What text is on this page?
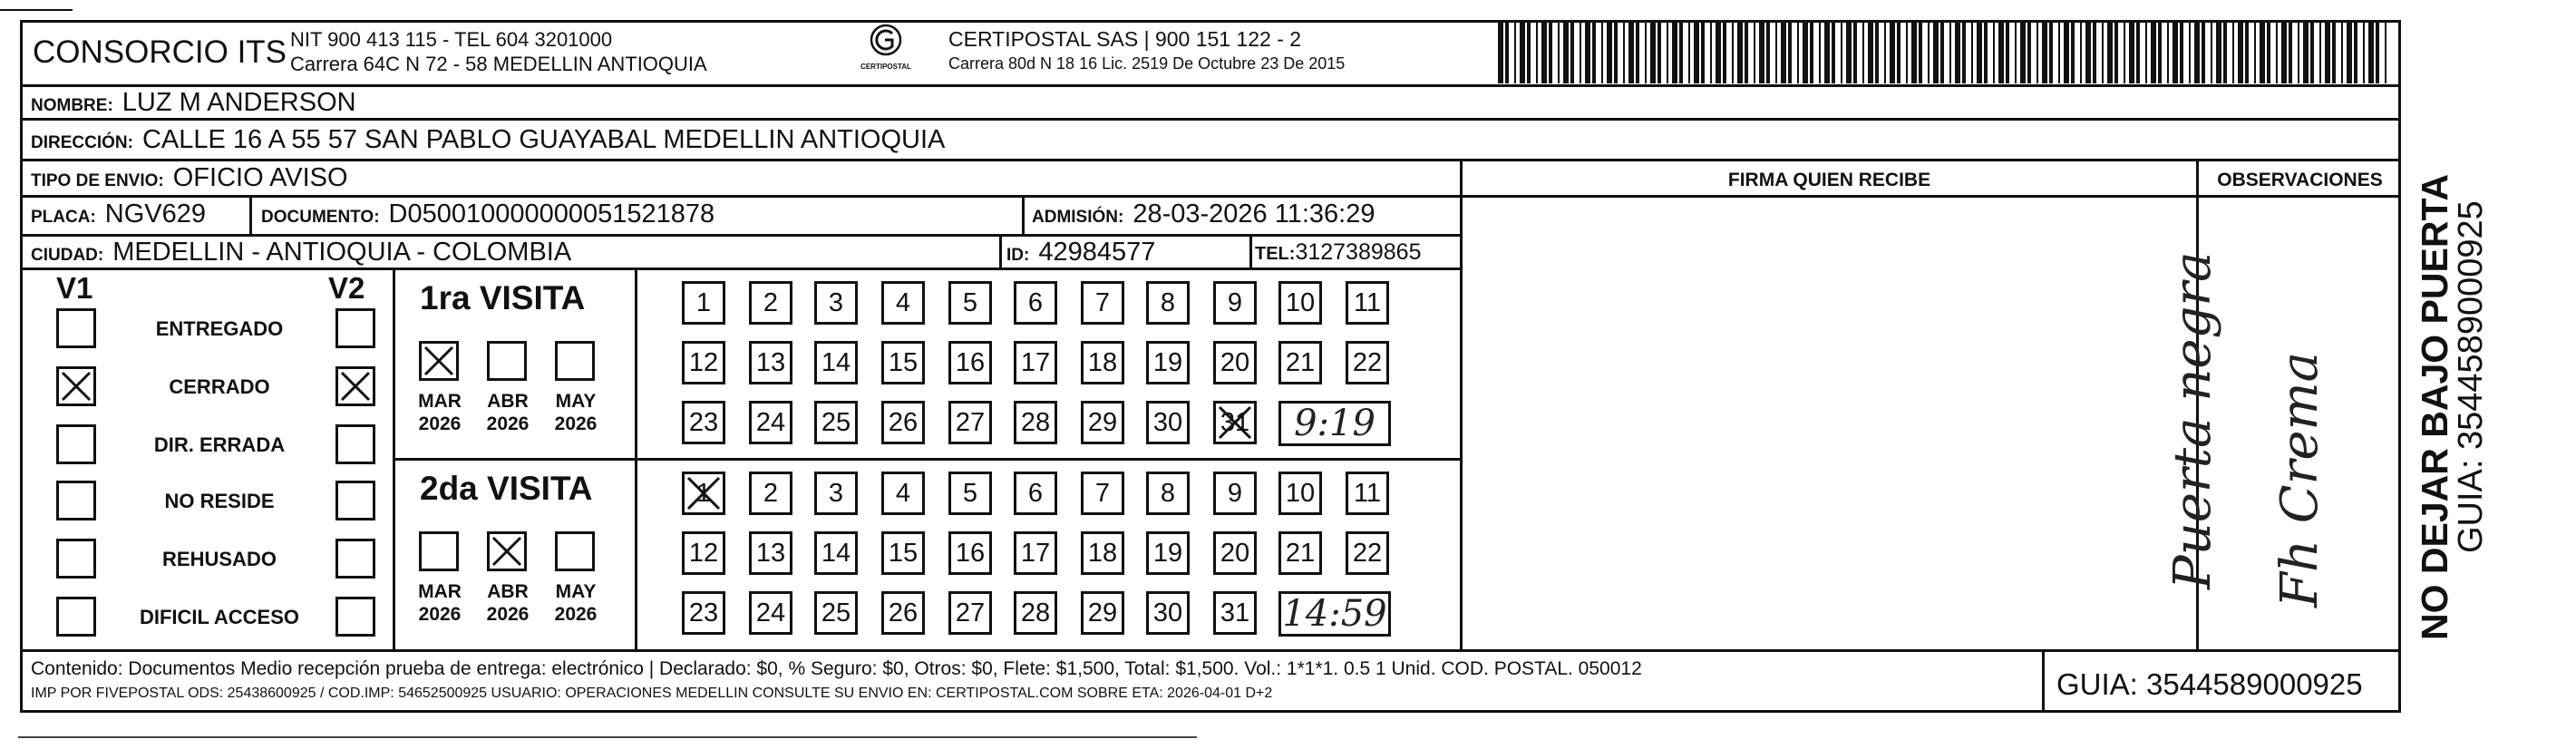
CONSORCIO ITS NIT 900 413 115 - TEL 604 3201000
Carrera 64C N 72 - 58 MEDELLIN ANTIOQUIA	CERTIPOSTAL
CERTIPOSTAL SAS | 900 151 122 - 2
Carrera 80d N 18 16 Lic. 2519 De Octubre 23 De 2015
NOMBRE: LUZ M ANDERSON
DIRECCIÓN: CALLE 16 A 55 57 SAN PABLO GUAYABAL MEDELLIN ANTIOQUIA
TIPO DE ENVIO: OFICIO AVISO	FIRMA QUIEN RECIBE	OBSERVACIONES
PLACA: NGV629	DOCUMENTO: D050010000000051521878	ADMISIÓN: 28-03-2026 11:36:29
CIUDAD: MEDELLIN - ANTIOQUIA - COLOMBIA	ID: 42984577	TEL: 3127389865
V1	V2
ENTREGADO
CERRADO
DIR. ERRADA
NO RESIDE
REHUSADO
DIFICIL ACCESO
1ra VISITA
MAR
2026
ABR
2026
MAY
2026
1	2	3	4	5	6	7	8	9	10	11
12 13 14 15 16 17 18 19 20 21 22
23 24 25 26 27 28 29 30 31	9:19
2da VISITA
MAR
2026
ABR
2026
MAY
2026
1	2	3	4	5	6	7	8	9	10	11
12 13 14 15 16 17 18 19 20 21 22
23 24 25 26 27 28 29 30 31 14:59
Puerta negra Fh Crema NO DEJAR BAJO PUERTA
GUIA: 3544589000925
Contenido: Documentos Medio recepción prueba de entrega: electrónico | Declarado: $0, % Seguro: $0, Otros: $0, Flete: $1,500, Total: $1,500. Vol.: 1*1*1. 0.5 1 Unid. COD. POSTAL. 050012
IMP POR FIVEPOSTAL ODS: 25438600925 / COD.IMP: 54652500925 USUARIO: OPERACIONES MEDELLIN CONSULTE SU ENVIO EN: CERTIPOSTAL.COM SOBRE ETA: 2026-04-01 D+2	GUIA: 3544589000925
